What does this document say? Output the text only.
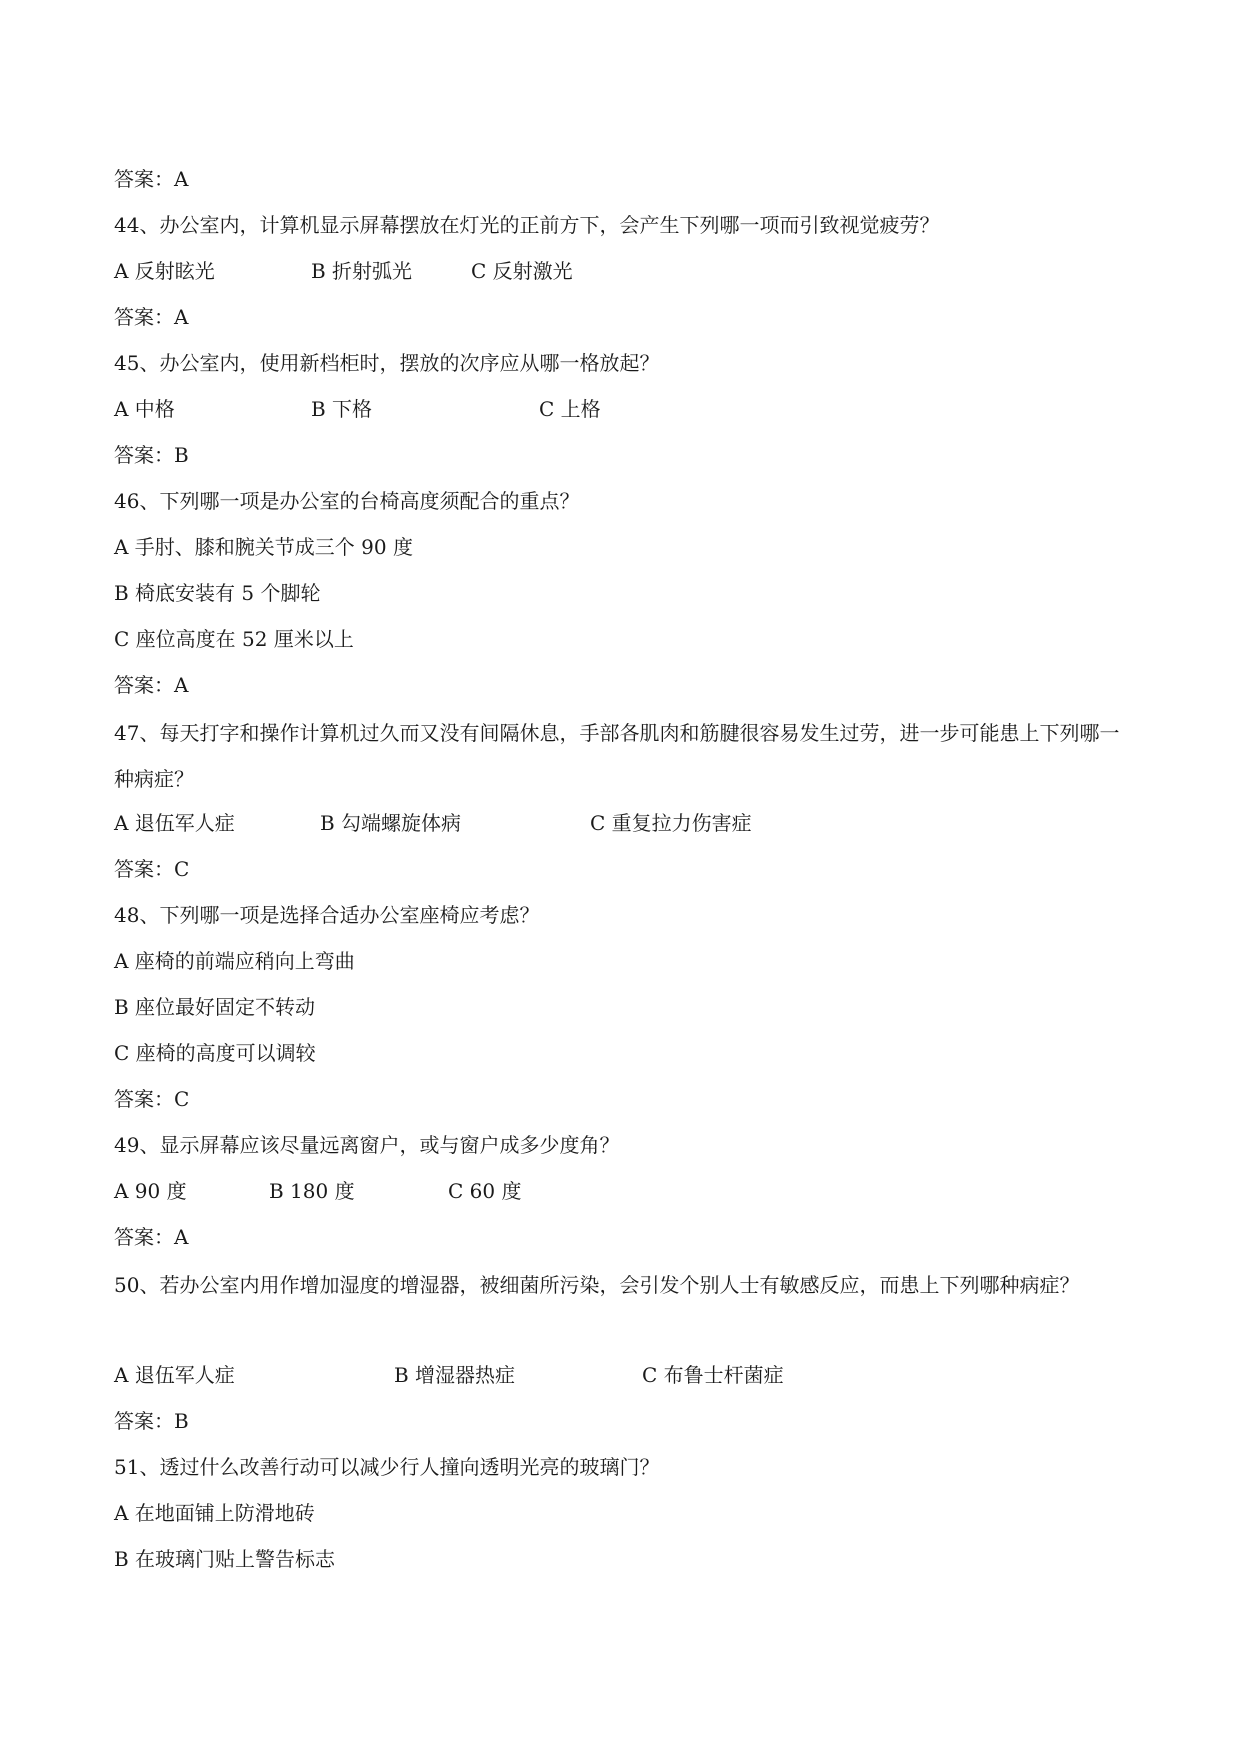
答案：A
44、办公室内，计算机显示屏幕摆放在灯光的正前方下，会产生下列哪一项而引致视觉疲劳？
A 反射眩光	B 折射弧光	C 反射激光
答案：A
45、办公室内，使用新档柜时，摆放的次序应从哪一格放起？
A 中格	B 下格	C 上格
答案：B
46、下列哪一项是办公室的台椅高度须配合的重点？
A 手肘、膝和腕关节成三个 90 度
B 椅底安装有 5 个脚轮
C 座位高度在 52 厘米以上
答案：A
47、每天打字和操作计算机过久而又没有间隔休息，手部各肌肉和筋腱很容易发生过劳，进一步可能患上下列哪一种病症？
A 退伍军人症	B 勾端螺旋体病	C 重复拉力伤害症
答案：C
48、下列哪一项是选择合适办公室座椅应考虑？
A 座椅的前端应稍向上弯曲
B 座位最好固定不转动
C 座椅的高度可以调较
答案：C
49、显示屏幕应该尽量远离窗户，或与窗户成多少度角？
A 90 度	B 180 度	C 60 度
答案：A
50、若办公室内用作增加湿度的增湿器，被细菌所污染，会引发个别人士有敏感反应，而患上下列哪种病症？
A 退伍军人症	B 增湿器热症	C 布鲁士杆菌症
答案：B
51、透过什么改善行动可以减少行人撞向透明光亮的玻璃门？
A 在地面铺上防滑地砖
B 在玻璃门贴上警告标志
